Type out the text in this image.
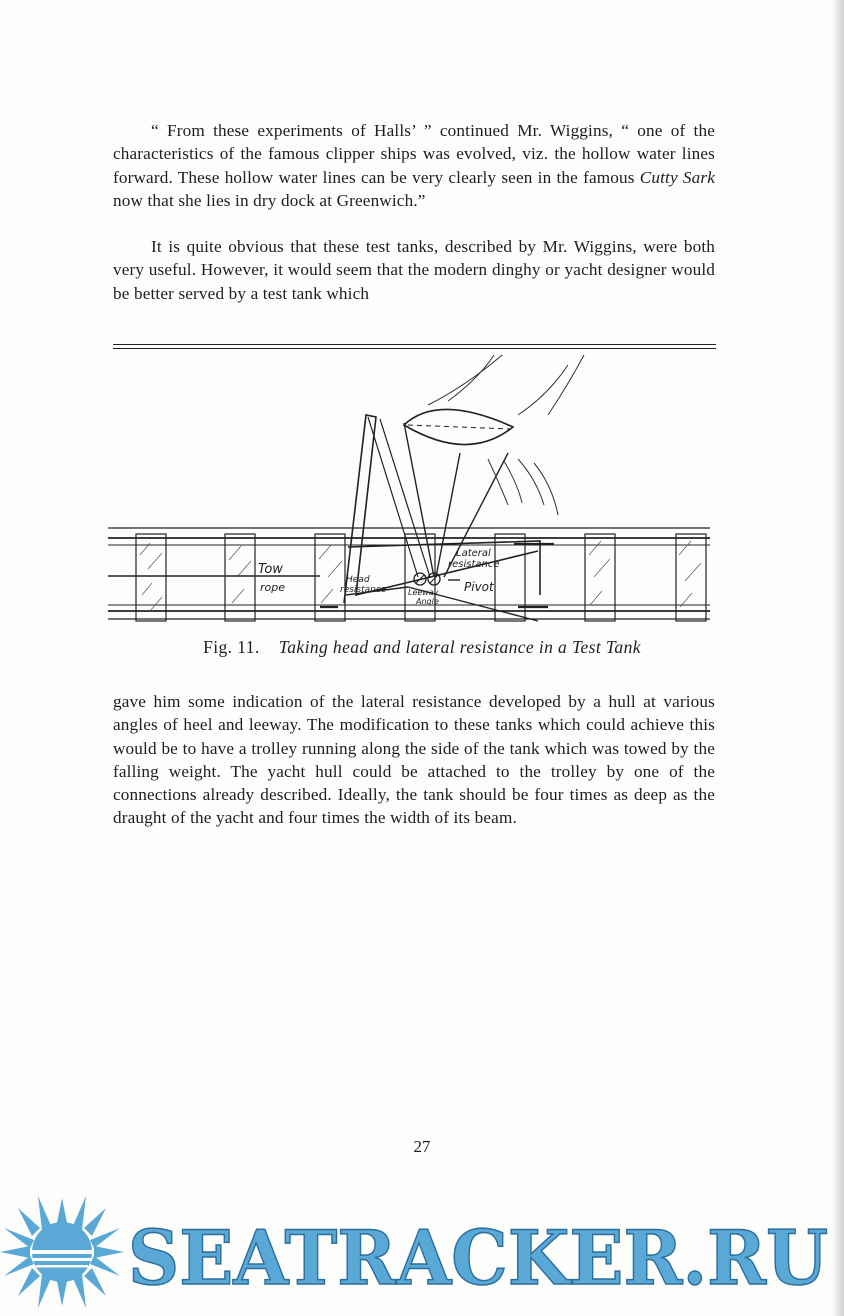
“ From these experiments of Halls’ ” continued Mr. Wiggins, “ one of the characteristics of the famous clipper ships was evolved, viz. the hollow water lines forward. These hollow water lines can be very clearly seen in the famous Cutty Sark now that she lies in dry dock at Greenwich.”

It is quite obvious that these test tanks, described by Mr. Wiggins, were both very useful. However, it would seem that the modern dinghy or yacht designer would be better served by a test tank which

Tow
rope
Lateral
resistance
Head
resistance	Pivot
Leeway
Angle
Fig. 11. Taking head and lateral resistance in a Test Tank

gave him some indication of the lateral resistance developed by a hull at various angles of heel and leeway. The modification to these tanks which could achieve this would be to have a trolley running along the side of the tank which was towed by the falling weight. The yacht hull could be attached to the trolley by one of the connections already described. Ideally, the tank should be four times as deep as the draught of the yacht and four times the width of its beam.

27
SEATRACKER.RU
